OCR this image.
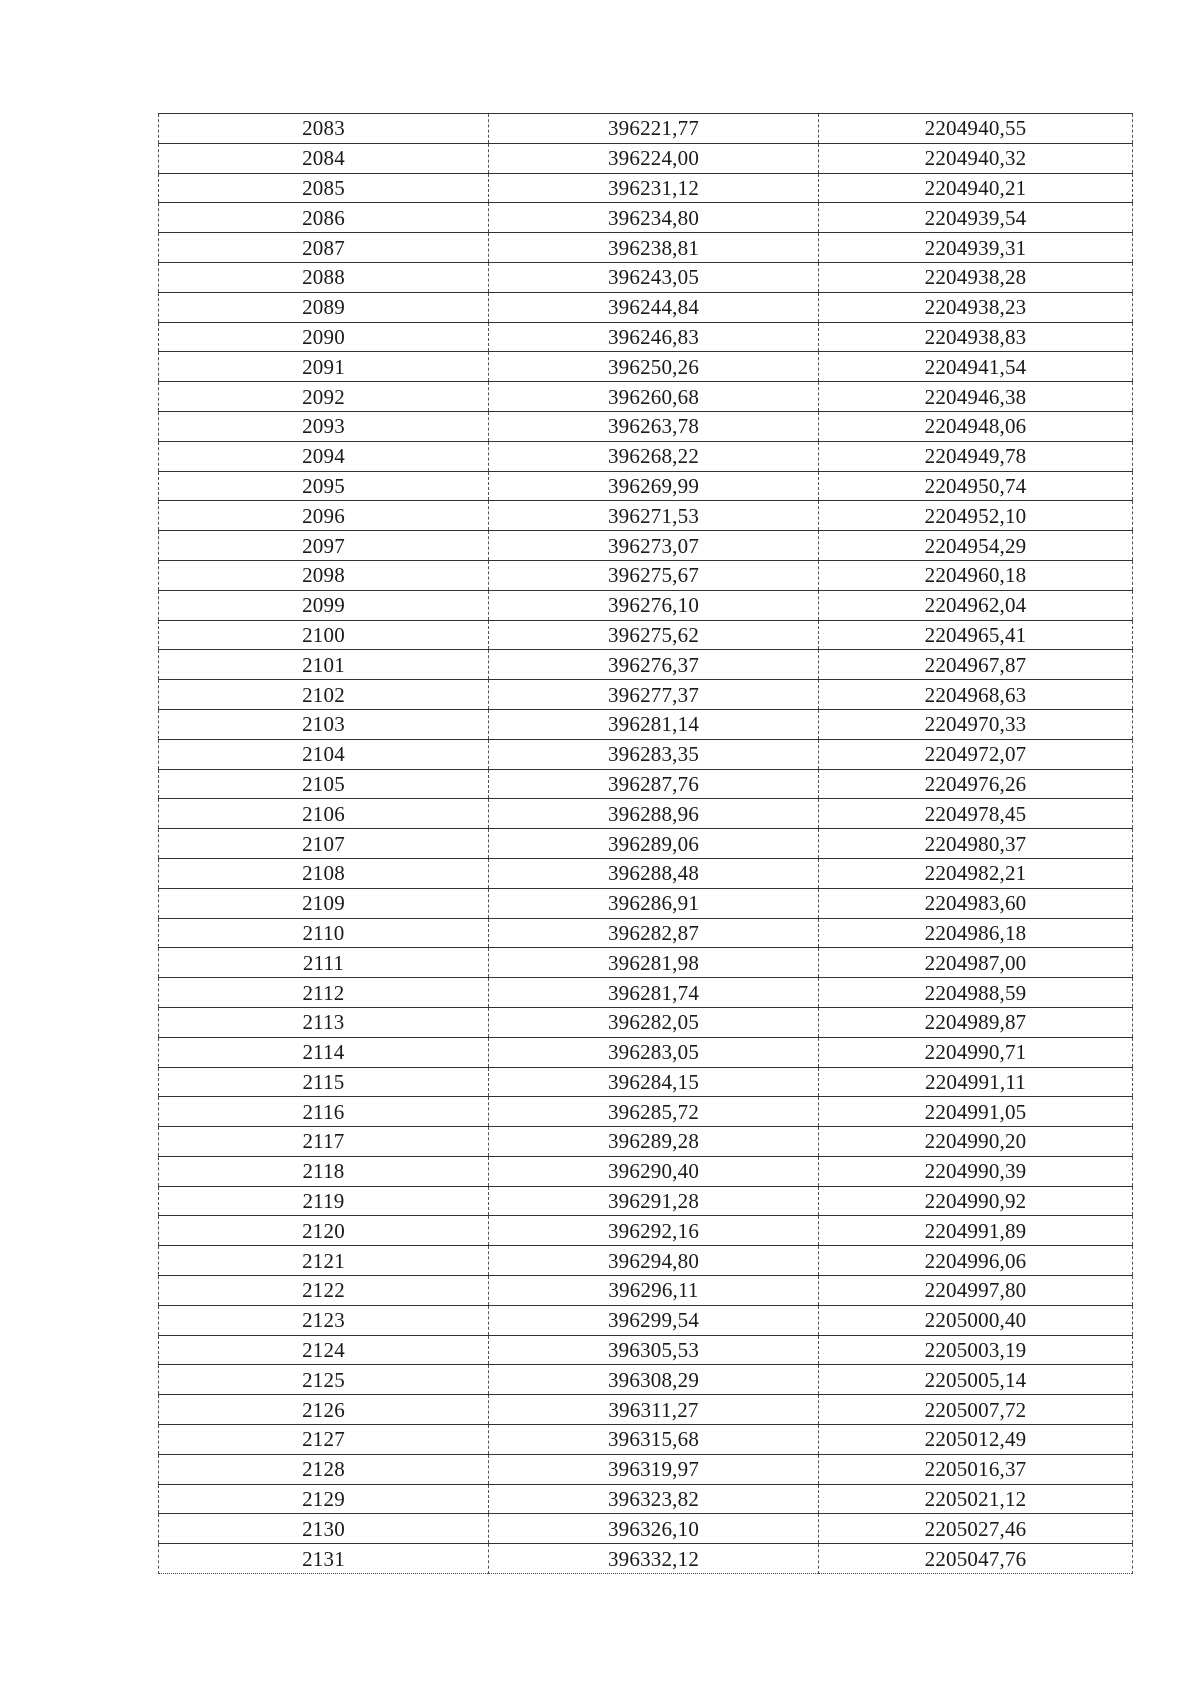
2083	396221,77	2204940,55
2084	396224,00	2204940,32
2085	396231,12	2204940,21
2086	396234,80	2204939,54
2087	396238,81	2204939,31
2088	396243,05	2204938,28
2089	396244,84	2204938,23
2090	396246,83	2204938,83
2091	396250,26	2204941,54
2092	396260,68	2204946,38
2093	396263,78	2204948,06
2094	396268,22	2204949,78
2095	396269,99	2204950,74
2096	396271,53	2204952,10
2097	396273,07	2204954,29
2098	396275,67	2204960,18
2099	396276,10	2204962,04
2100	396275,62	2204965,41
2101	396276,37	2204967,87
2102	396277,37	2204968,63
2103	396281,14	2204970,33
2104	396283,35	2204972,07
2105	396287,76	2204976,26
2106	396288,96	2204978,45
2107	396289,06	2204980,37
2108	396288,48	2204982,21
2109	396286,91	2204983,60
2110	396282,87	2204986,18
2111	396281,98	2204987,00
2112	396281,74	2204988,59
2113	396282,05	2204989,87
2114	396283,05	2204990,71
2115	396284,15	2204991,11
2116	396285,72	2204991,05
2117	396289,28	2204990,20
2118	396290,40	2204990,39
2119	396291,28	2204990,92
2120	396292,16	2204991,89
2121	396294,80	2204996,06
2122	396296,11	2204997,80
2123	396299,54	2205000,40
2124	396305,53	2205003,19
2125	396308,29	2205005,14
2126	396311,27	2205007,72
2127	396315,68	2205012,49
2128	396319,97	2205016,37
2129	396323,82	2205021,12
2130	396326,10	2205027,46
2131	396332,12	2205047,76
